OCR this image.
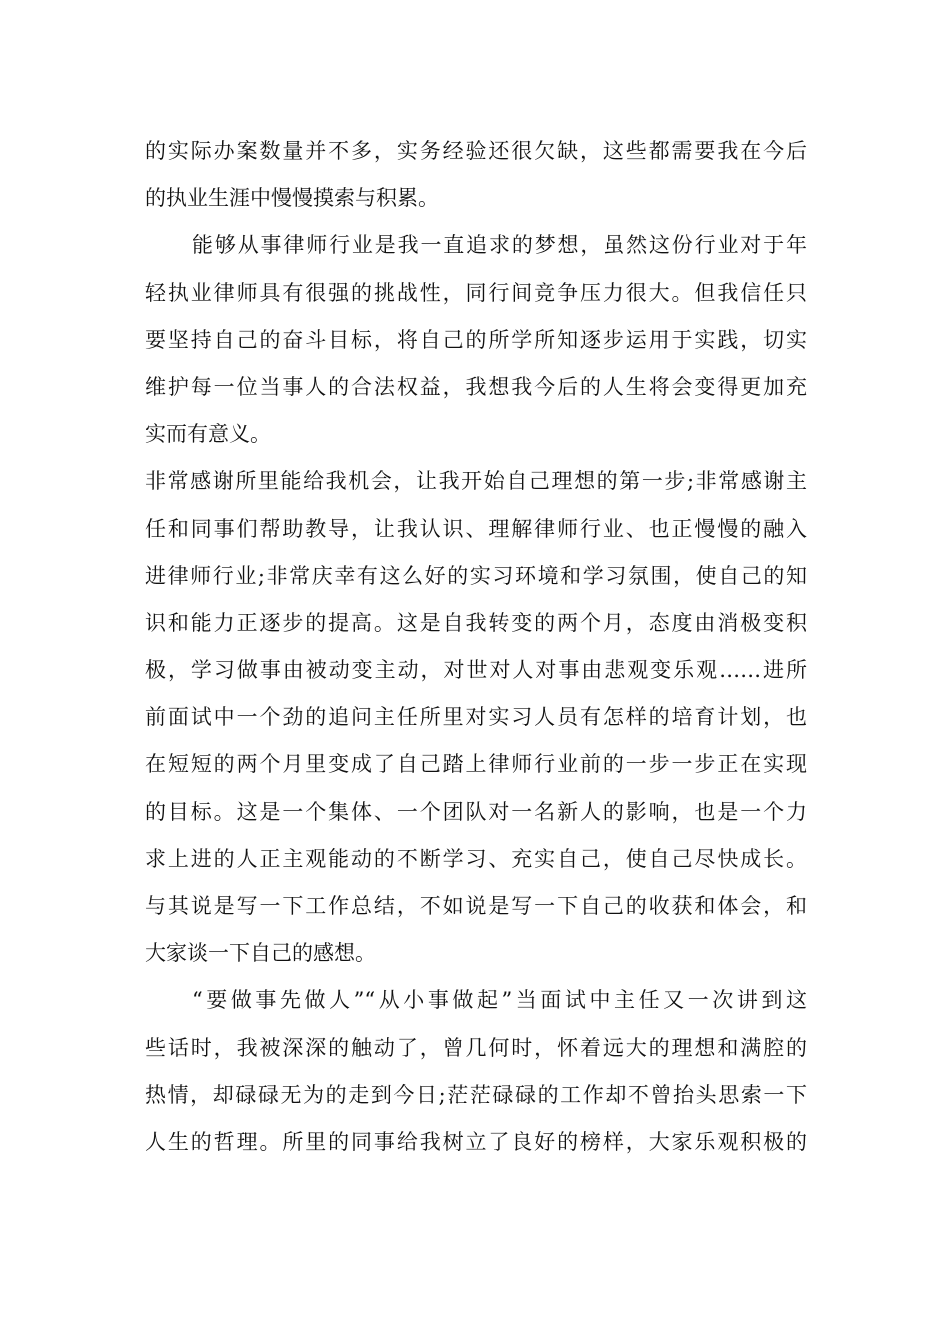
的实际办案数量并不多，实务经验还很欠缺，这些都需要我在今后
的执业生涯中慢慢摸索与积累。

能够从事律师行业是我一直追求的梦想，虽然这份行业对于年
轻执业律师具有很强的挑战性，同行间竞争压力很大。但我信任只
要坚持自己的奋斗目标，将自己的所学所知逐步运用于实践，切实
维护每一位当事人的合法权益，我想我今后的人生将会变得更加充
实而有意义。

非常感谢所里能给我机会，让我开始自己理想的第一步;非常感谢主
任和同事们帮助教导，让我认识、理解律师行业、也正慢慢的融入
进律师行业;非常庆幸有这么好的实习环境和学习氛围，使自己的知
识和能力正逐步的提高。这是自我转变的两个月，态度由消极变积
极，学习做事由被动变主动，对世对人对事由悲观变乐观……进所
前面试中一个劲的追问主任所里对实习人员有怎样的培育计划，也
在短短的两个月里变成了自己踏上律师行业前的一步一步正在实现
的目标。这是一个集体、一个团队对一名新人的影响，也是一个力
求上进的人正主观能动的不断学习、充实自己，使自己尽快成长。
与其说是写一下工作总结，不如说是写一下自己的收获和体会，和
大家谈一下自己的感想。

“要做事先做人”“从小事做起”当面试中主任又一次讲到这
些话时，我被深深的触动了，曾几何时，怀着远大的理想和满腔的
热情，却碌碌无为的走到今日;茫茫碌碌的工作却不曾抬头思索一下
人生的哲理。所里的同事给我树立了良好的榜样，大家乐观积极的
